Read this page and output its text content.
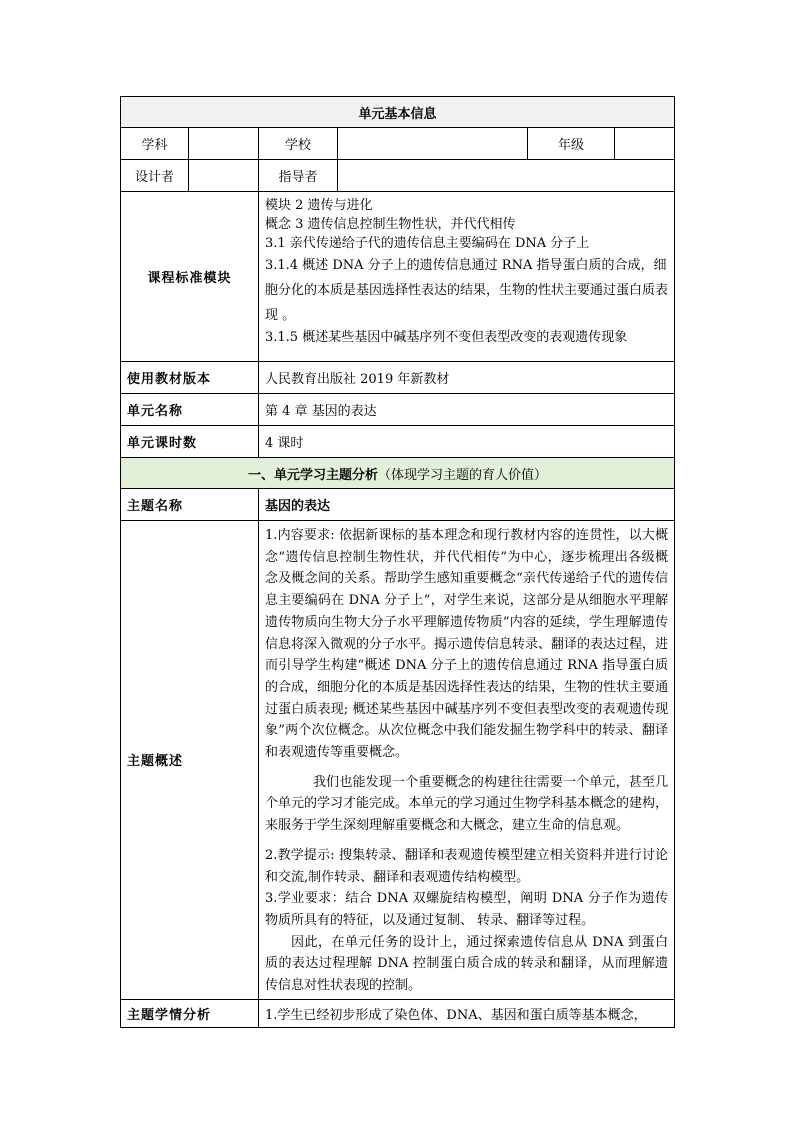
单元基本信息					
学科		学校		年级	
设计者		指导者			
课程标准模块		模块 2 遗传与进化

概念 3 遗传信息控制生物性状，并代代相传

3.1 亲代传递给子代的遗传信息主要编码在 DNA 分子上

3.1.4 概述 DNA 分子上的遗传信息通过 RNA 指导蛋白质的合成，细胞分化的本质是基因选择性表达的结果，生物的性状主要通过蛋白质表现 。

3.1.5 概述某些基因中碱基序列不变但表型改变的表观遗传现象			

使用教材版本		人民教育出版社 2019 年新教材			
单元名称		第 4 章 基因的表达			
单元课时数		4 课时			
一、单元学习主题分析（体现学习主题的育人价值）					
主题名称		基因的表达			
主题概述		1.内容要求: 依据新课标的基本理念和现行教材内容的连贯性，以大概念“遗传信息控制生物性状，并代代相传”为中心，逐步梳理出各级概念及概念间的关系。帮助学生感知重要概念“亲代传递给子代的遗传信息主要编码在 DNA 分子上”，对学生来说，这部分是从细胞水平理解遗传物质向生物大分子水平理解遗传物质”内容的延续，学生理解遗传信息将深入微观的分子水平。揭示遗传信息转录、翻译的表达过程，进而引导学生构建“概述 DNA 分子上的遗传信息通过 RNA 指导蛋白质的合成，细胞分化的本质是基因选择性表达的结果，生物的性状主要通过蛋白质表现; 概述某些基因中碱基序列不变但表型改变的表观遗传现象”两个次位概念。从次位概念中我们能发掘生物学科中的转录、翻译和表观遗传等重要概念。

我们也能发现一个重要概念的构建往往需要一个单元，甚至几个单元的学习才能完成。本单元的学习通过生物学科基本概念的建构，来服务于学生深刻理解重要概念和大概念，建立生命的信息观。

2.教学提示: 搜集转录、翻译和表观遗传模型建立相关资料并进行讨论和交流,制作转录、翻译和表观遗传结构模型。

3.学业要求：结合 DNA 双螺旋结构模型，阐明 DNA 分子作为遗传物质所具有的特征，以及通过复制、 转录、翻译等过程。

因此，在单元任务的设计上，通过探索遗传信息从 DNA 到蛋白质的表达过程理解 DNA 控制蛋白质合成的转录和翻译，从而理解遗传信息对性状表现的控制。			

主题学情分析		1.学生已经初步形成了染色体、DNA、基因和蛋白质等基本概念，			
